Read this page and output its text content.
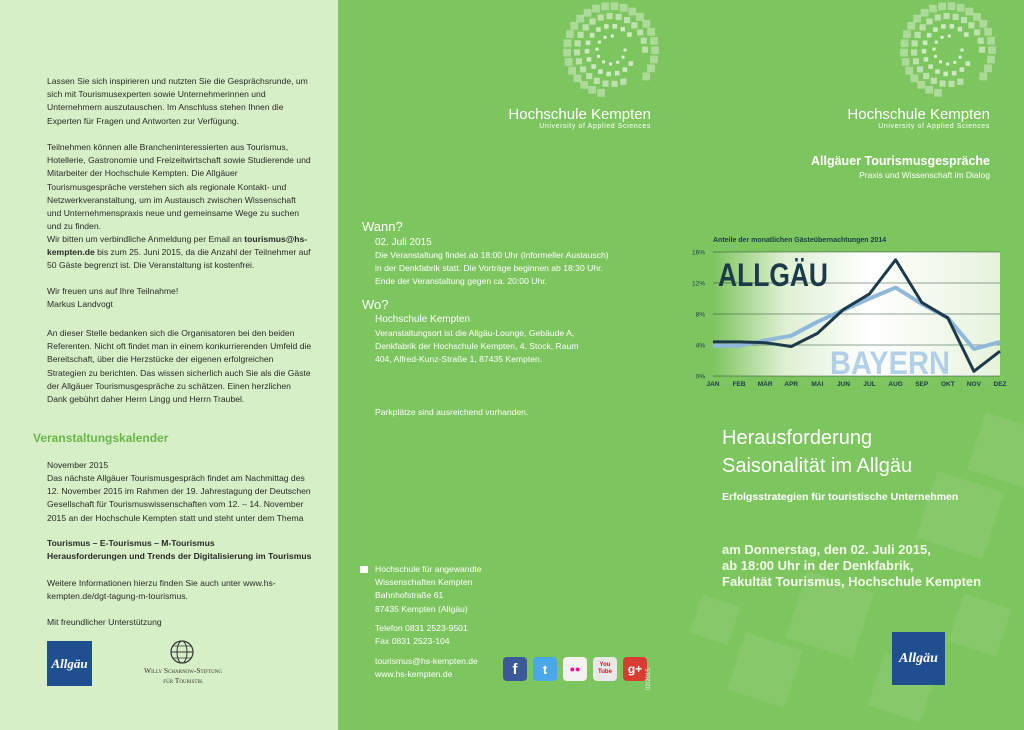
Lassen Sie sich inspirieren und nutzten Sie die Gesprächsrunde, um sich mit Tourismusexperten sowie Unternehmerinnen und Unternehmern auszutauschen. Im Anschluss stehen Ihnen die Experten für Fragen und Antworten zur Verfügung.
Teilnehmen können alle Brancheninteressierten aus Tourismus, Hotellerie, Gastronomie und Freizeitwirtschaft sowie Studierende und Mitarbeiter der Hochschule Kempten. Die Allgäuer Tourismusgespräche verstehen sich als regionale Kontakt- und Netzwerkveranstaltung, um im Austausch zwischen Wissenschaft und Unternehmenspraxis neue und gemeinsame Wege zu suchen und zu finden.
Wir bitten um verbindliche Anmeldung per Email an tourismus@hs-kempten.de bis zum 25. Juni 2015, da die Anzahl der Teilnehmer auf 50 Gäste begrenzt ist. Die Veranstaltung ist kostenfrei.
Wir freuen uns auf Ihre Teilnahme!
Markus Landvogt
An dieser Stelle bedanken sich die Organisatoren bei den beiden Referenten. Nicht oft findet man in einem konkurrierenden Umfeld die Bereitschaft, über die Herzstücke der eigenen erfolgreichen Strategien zu berichten. Das wissen sicherlich auch Sie als die Gäste der Allgäuer Tourismusgespräche zu schätzen. Einen herzlichen Dank gebührt daher Herrn Lingg und Herrn Traubel.
Veranstaltungskalender
November 2015
Das nächste Allgäuer Tourismusgespräch findet am Nachmittag des 12. November 2015 im Rahmen der 19. Jahrestagung der Deutschen Gesellschaft für Tourismuswissenschaften vom 12. – 14. November 2015 an der Hochschule Kempten statt und steht unter dem Thema
Tourismus – E-Tourismus – M-Tourismus
Herausforderungen und Trends der Digitalisierung im Tourismus
Weitere Informationen hierzu finden Sie auch unter www.hs-kempten.de/dgt-tagung-m-tourismus.
Mit freundlicher Unterstützung
Allgäu	Willy Scharnow-Stiftung
für Touristik
Hochschule Kempten
University of Applied Sciences
Wann?
02. Juli 2015
Die Veranstaltung findet ab 18:00 Uhr (informeller Austausch) in der Denkfabrik statt. Die Vorträge beginnen ab 18:30 Uhr. Ende der Veranstaltung gegen ca. 20:00 Uhr.
Wo?
Hochschule Kempten
Veranstaltungsort ist die Allgäu-Lounge, Gebäude A, Denkfabrik der Hochschule Kempten, 4. Stock, Raum 404, Alfred-Kunz-Straße 1, 87435 Kempten.
Parkplätze sind ausreichend vorhanden.
Hochschule für angewandte
Wissenschaften Kempten
Bahnhofstraße 61
87435 Kempten (Allgäu)
Telefon 0831 2523-9501
Fax 0831 2523-104
tourismus@hs-kempten.de
www.hs-kempten.de	f	t	●●	You Tube	g+ 02/2015
Hochschule Kempten
University of Applied Sciences
Allgäuer Tourismusgespräche
Praxis und Wissenschaft im Dialog
Anteile der monatlichen Gästeübernachtungen 2014
0%
4%
8%
12%
16%
JAN FEB MÄR APR MAI JUN JUL AUG SEP OKT NOV DEZ
ALLGÄU
BAYERN
Herausforderung
Saisonalität im Allgäu
Erfolgsstrategien für touristische Unternehmen
am Donnerstag, den 02. Juli 2015,
ab 18:00 Uhr in der Denkfabrik,
Fakultät Tourismus, Hochschule Kempten
Allgäu
